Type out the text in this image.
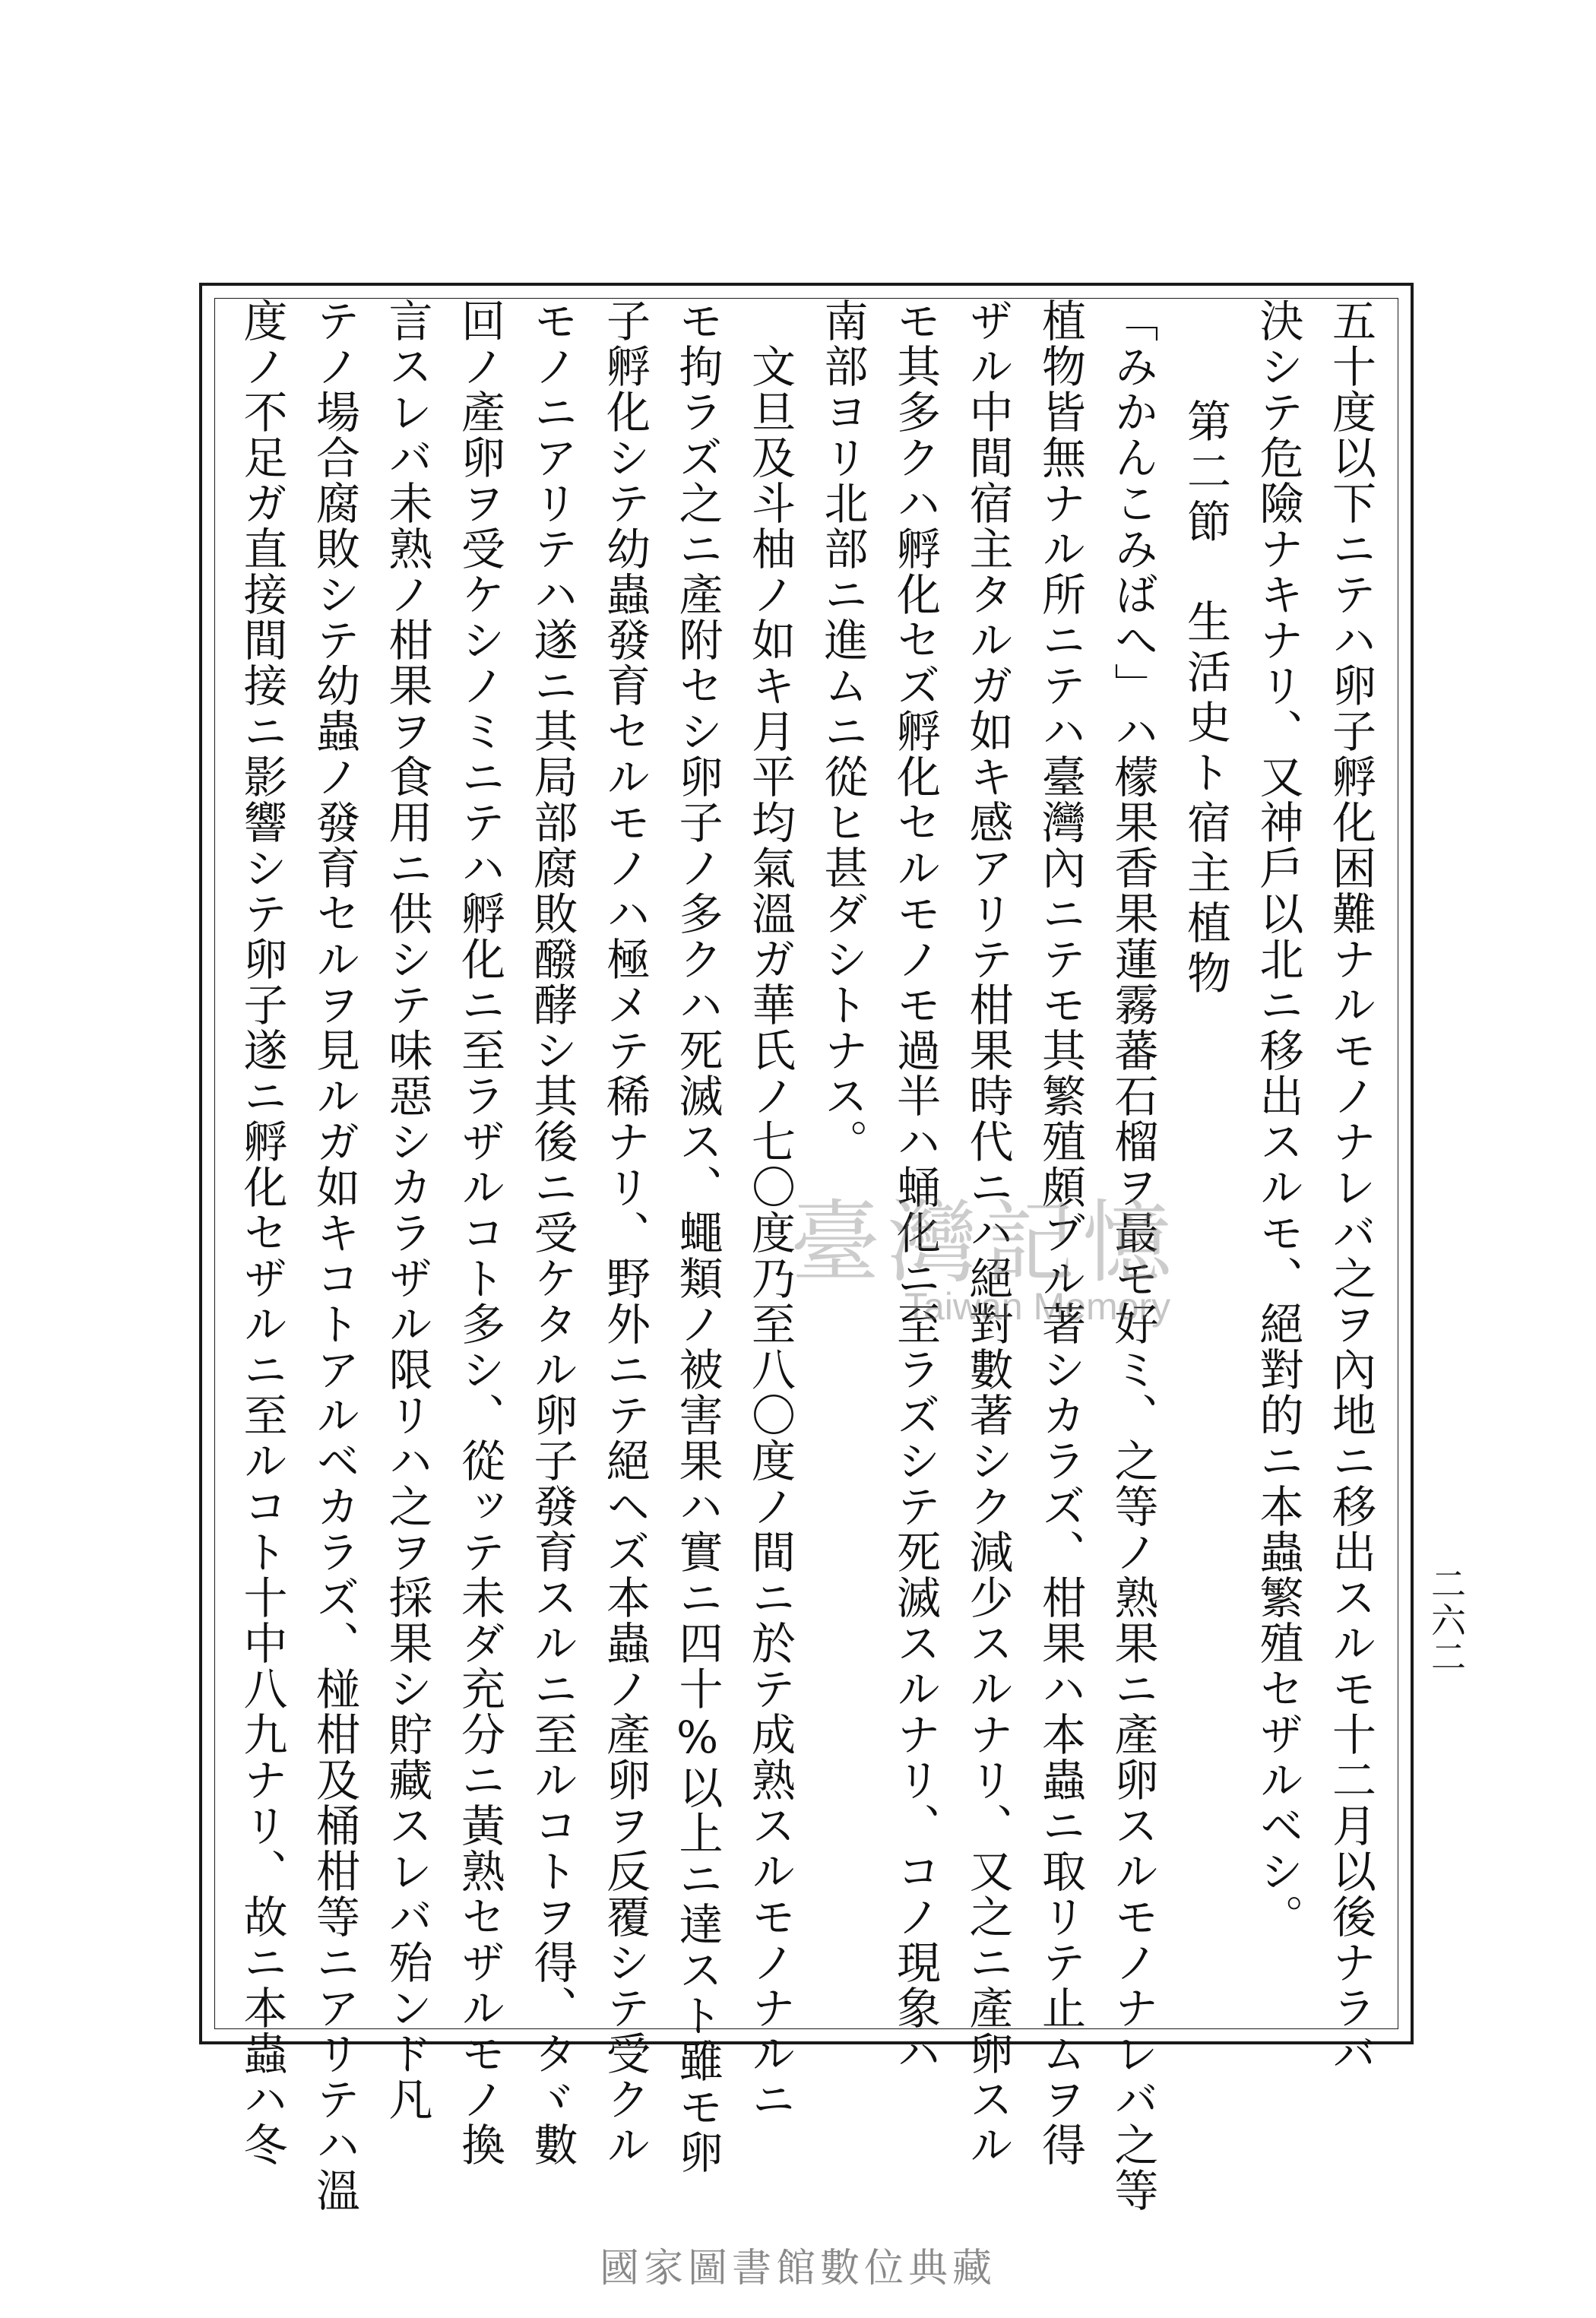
五十度以下ニテハ卵子孵化困難ナルモノナレバ之ヲ內地ニ移出スルモ十二月以後ナラバ
決シテ危險ナキナリ、又神戶以北ニ移出スルモ、絕對的ニ本蟲繁殖セザルベシ。
　　第二節　生活史ト宿主植物
「みかんこみばへ」ハ檬果香果蓮霧蕃石榴ヲ最モ好ミ、之等ノ熟果ニ產卵スルモノナレバ之等
植物皆無ナル所ニテハ臺灣內ニテモ其繁殖頗ブル著シカラズ、柑果ハ本蟲ニ取リテ止ムヲ得
ザル中間宿主タルガ如キ感アリテ柑果時代ニハ絕對數著シク減少スルナリ、又之ニ產卵スル
モ其多クハ孵化セズ孵化セルモノモ過半ハ蛹化ニ至ラズシテ死滅スルナリ、コノ現象ハ
南部ヨリ北部ニ進ムニ從ヒ甚ダシトナス。
　文旦及斗柚ノ如キ月平均氣溫ガ華氏ノ七〇度乃至八〇度ノ間ニ於テ成熟スルモノナルニ
モ拘ラズ之ニ產附セシ卵子ノ多クハ死滅ス、蠅類ノ被害果ハ實ニ四十%以上ニ達スト雖モ卵
子孵化シテ幼蟲發育セルモノハ極メテ稀ナリ、野外ニテ絕ヘズ本蟲ノ產卵ヲ反覆シテ受クル
モノニアリテハ遂ニ其局部腐敗醱酵シ其後ニ受ケタル卵子發育スルニ至ルコトヲ得、タヾ數
回ノ產卵ヲ受ケシノミニテハ孵化ニ至ラザルコト多シ、從ッテ未ダ充分ニ黃熟セザルモノ換
言スレバ未熟ノ柑果ヲ食用ニ供シテ味惡シカラザル限リハ之ヲ採果シ貯藏スレバ殆ンド凡
テノ場合腐敗シテ幼蟲ノ發育セルヲ見ルガ如キコトアルベカラズ、椪柑及桶柑等ニアリテハ溫
度ノ不足ガ直接間接ニ影響シテ卵子遂ニ孵化セザルニ至ルコト十中八九ナリ、故ニ本蟲ハ冬	二六二
臺灣記憶
Taiwan Memory
國家圖書館數位典藏
